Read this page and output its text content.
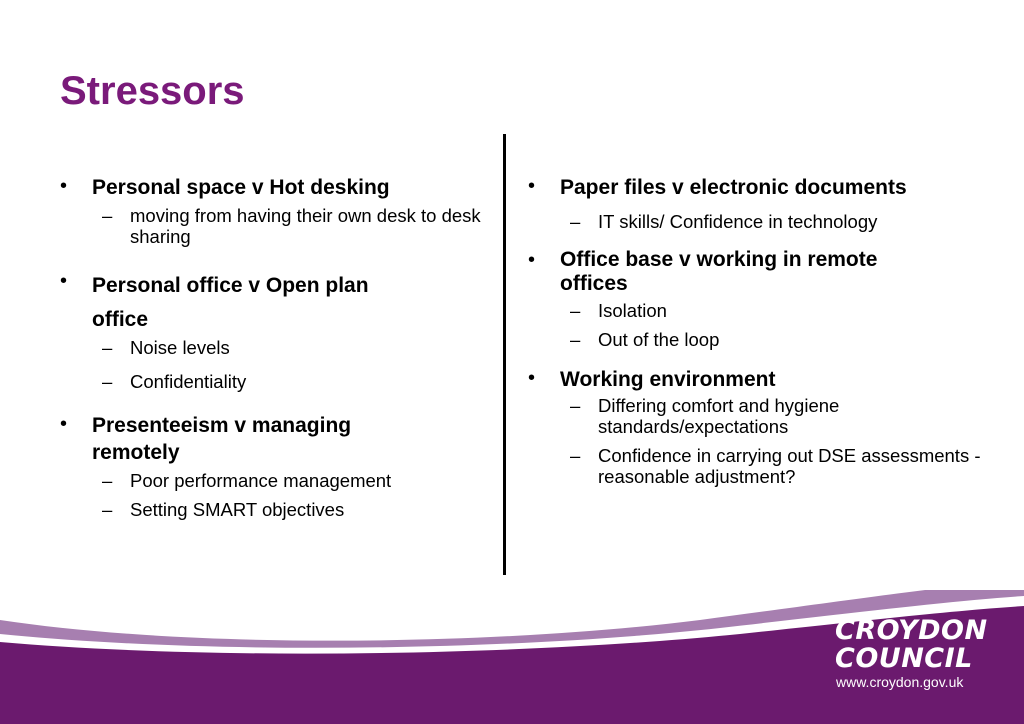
Stressors
• Personal space v Hot desking
– moving from having their own desk to desk sharing
• Personal office v Open plan office
– Noise levels
– Confidentiality
• Presenteeism v managing remotely
– Poor performance management
– Setting SMART objectives
• Paper files v electronic documents
– IT skills/ Confidence in technology
• Office base v working in remote offices
– Isolation
– Out of the loop
• Working environment
– Differing comfort and hygiene standards/expectations
– Confidence in carrying out DSE assessments - reasonable adjustment?
CROYDON
COUNCIL
www.croydon.gov.uk
